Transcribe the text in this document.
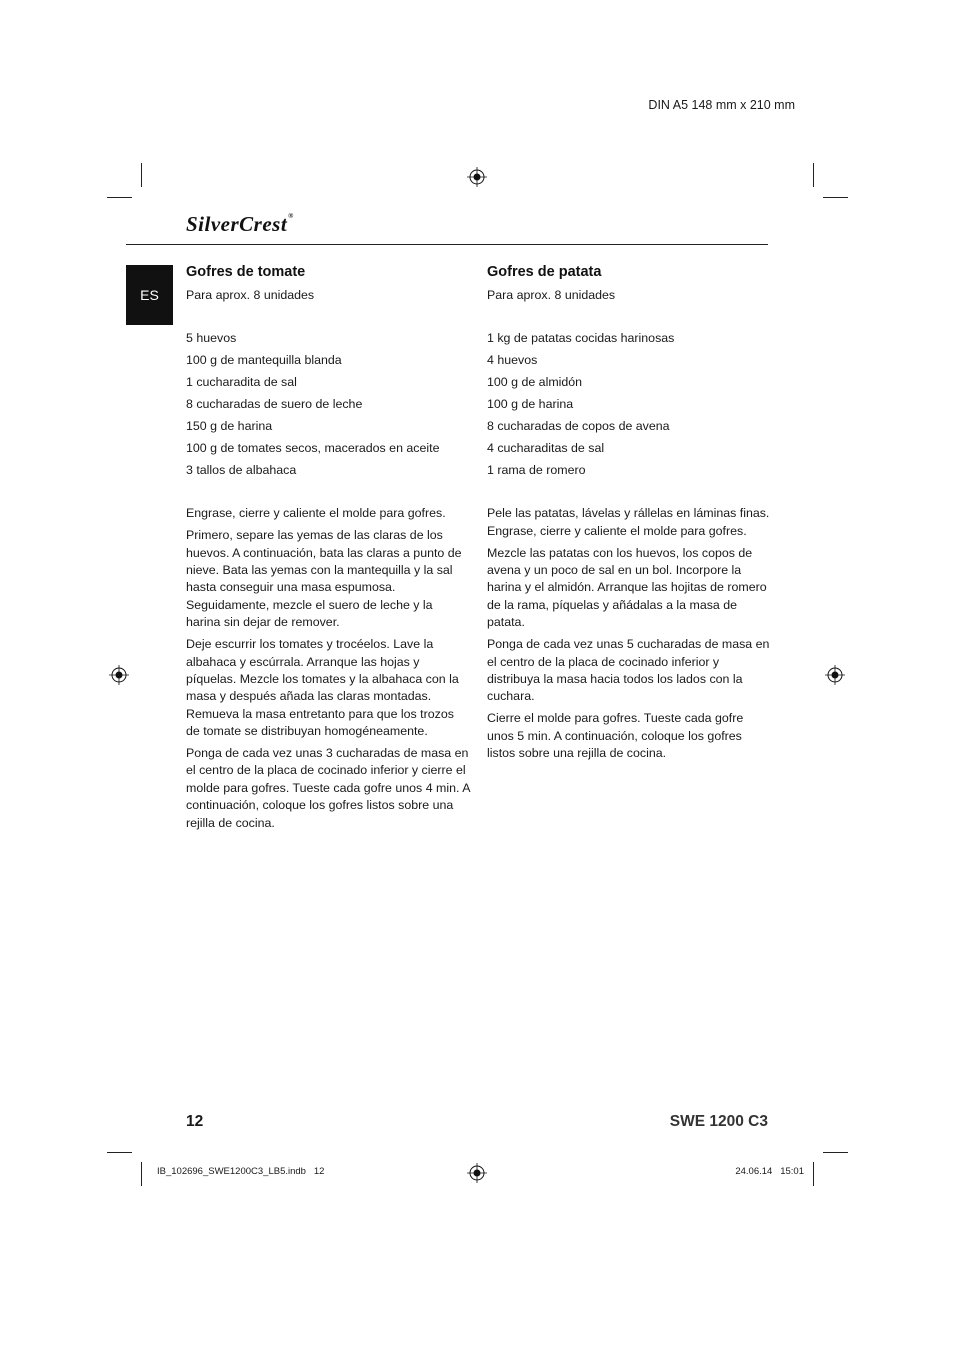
DIN A5 148 mm x 210 mm
SilverCrest®
ES
Gofres de tomate

Para aprox. 8 unidades

5 huevos
100 g de mantequilla blanda
1 cucharadita de sal
8 cucharadas de suero de leche
150 g de harina
100 g de tomates secos, macerados en aceite
3 tallos de albahaca

Engrase, cierre y caliente el molde para gofres.

Primero, separe las yemas de las claras de los huevos. A continuación, bata las claras a punto de nieve. Bata las yemas con la mantequilla y la sal hasta conseguir una masa espumosa. Seguidamente, mezcle el suero de leche y la harina sin dejar de remover.

Deje escurrir los tomates y trocéelos. Lave la albahaca y escúrrala. Arranque las hojas y píquelas. Mezcle los tomates y la albahaca con la masa y después añada las claras montadas. Remueva la masa entretanto para que los trozos de tomate se distribuyan homogéneamente.

Ponga de cada vez unas 3 cucharadas de masa en el centro de la placa de cocinado inferior y cierre el molde para gofres. Tueste cada gofre unos 4 min. A continuación, coloque los gofres listos sobre una rejilla de cocina.

Gofres de patata

Para aprox. 8 unidades

1 kg de patatas cocidas harinosas
4 huevos
100 g de almidón
100 g de harina
8 cucharadas de copos de avena
4 cucharaditas de sal
1 rama de romero

Pele las patatas, lávelas y rállelas en láminas finas. Engrase, cierre y caliente el molde para gofres.

Mezcle las patatas con los huevos, los copos de avena y un poco de sal en un bol. Incorpore la harina y el almidón. Arranque las hojitas de romero de la rama, píquelas y añádalas a la masa de patata.

Ponga de cada vez unas 5 cucharadas de masa en el centro de la placa de cocinado inferior y distribuya la masa hacia todos los lados con la cuchara.

Cierre el molde para gofres. Tueste cada gofre unos 5 min. A continuación, coloque los gofres listos sobre una rejilla de cocina.

12	SWE 1200 C3
IB_102696_SWE1200C3_LB5.indb   12	24.06.14   15:01
